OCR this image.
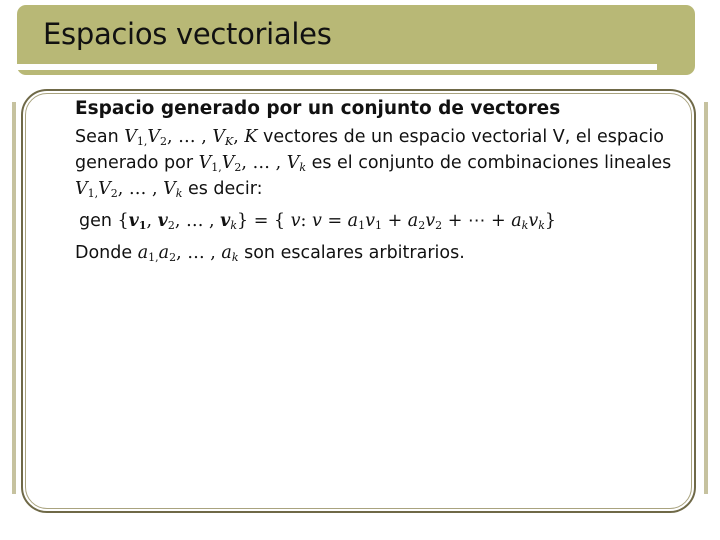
Espacios vectoriales
Espacio generado por un conjunto de vectores
Sean $V_{1,}V_2$, … , $V_K$, K vectores de un espacio vectorial V, el espacio
generado por $V_{1,}V_2$, … , $V_k$ es el conjunto de combinaciones lineales
$V_{1,}V_2$, … , $V_k$ es decir:
gen {$v_1$, $v_2$, … , $v_k$} = { v: $v = a_1v_1 + a_2v_2$ + ⋯ + $a_kv_k$}
Donde $a_{1,}a_2$, … , $a_k$ son escalares arbitrarios.
